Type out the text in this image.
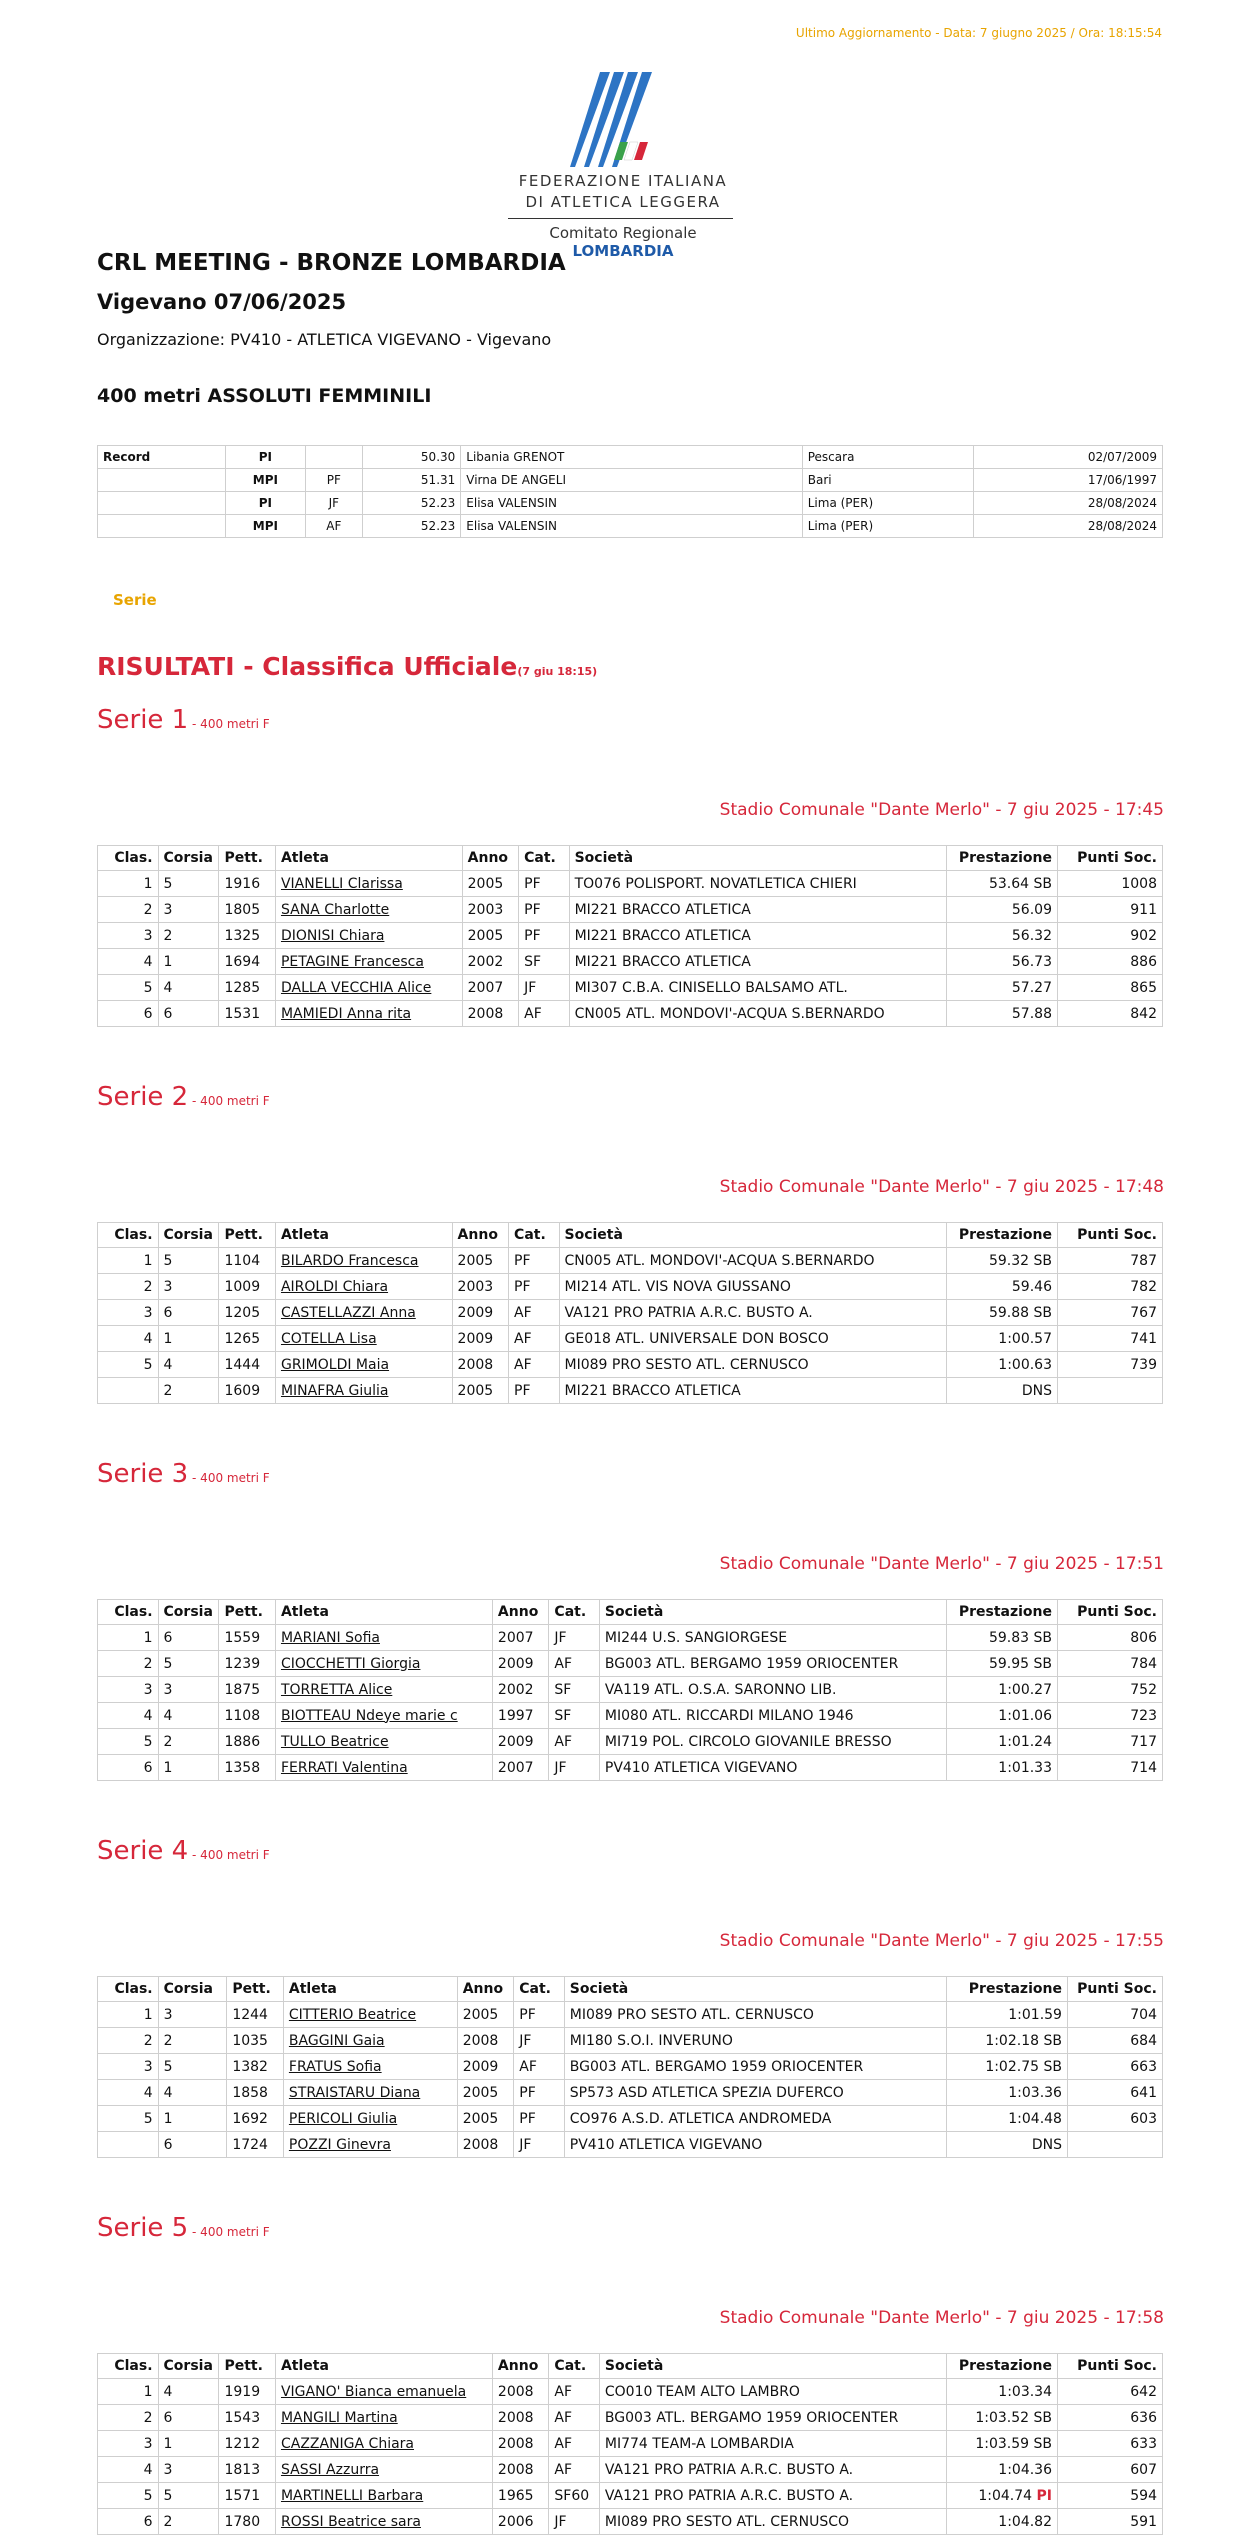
Ultimo Aggiornamento - Data: 7 giugno 2025 / Ora: 18:15:54
FEDERAZIONE ITALIANA
DI ATLETICA LEGGERA
Comitato Regionale LOMBARDIA
CRL MEETING - BRONZE LOMBARDIA
Vigevano 07/06/2025
Organizzazione: PV410 - ATLETICA VIGEVANO - Vigevano
400 metri ASSOLUTI FEMMINILI
Record	PI		50.30	Libania GRENOT	Pescara	02/07/2009
	MPI	PF	51.31	Virna DE ANGELI	Bari	17/06/1997
	PI	JF	52.23	Elisa VALENSIN	Lima (PER)	28/08/2024
	MPI	AF	52.23	Elisa VALENSIN	Lima (PER)	28/08/2024
Serie
RISULTATI - Classifica Ufficiale(7 giu 18:15)
Serie 1 - 400 metri F
Stadio Comunale "Dante Merlo" - 7 giu 2025 - 17:45
Clas.	Corsia	Pett.	Atleta	Anno	Cat.	Società	Prestazione	Punti Soc.
1	5	1916	VIANELLI Clarissa	2005	PF	TO076 POLISPORT. NOVATLETICA CHIERI	53.64 SB	1008
2	3	1805	SANA Charlotte	2003	PF	MI221 BRACCO ATLETICA	56.09	911
3	2	1325	DIONISI Chiara	2005	PF	MI221 BRACCO ATLETICA	56.32	902
4	1	1694	PETAGINE Francesca	2002	SF	MI221 BRACCO ATLETICA	56.73	886
5	4	1285	DALLA VECCHIA Alice	2007	JF	MI307 C.B.A. CINISELLO BALSAMO ATL.	57.27	865
6	6	1531	MAMIEDI Anna rita	2008	AF	CN005 ATL. MONDOVI'-ACQUA S.BERNARDO	57.88	842
Serie 2 - 400 metri F
Stadio Comunale "Dante Merlo" - 7 giu 2025 - 17:48
Clas.	Corsia	Pett.	Atleta	Anno	Cat.	Società	Prestazione	Punti Soc.
1	5	1104	BILARDO Francesca	2005	PF	CN005 ATL. MONDOVI'-ACQUA S.BERNARDO	59.32 SB	787
2	3	1009	AIROLDI Chiara	2003	PF	MI214 ATL. VIS NOVA GIUSSANO	59.46	782
3	6	1205	CASTELLAZZI Anna	2009	AF	VA121 PRO PATRIA A.R.C. BUSTO A.	59.88 SB	767
4	1	1265	COTELLA Lisa	2009	AF	GE018 ATL. UNIVERSALE DON BOSCO	1:00.57	741
5	4	1444	GRIMOLDI Maia	2008	AF	MI089 PRO SESTO ATL. CERNUSCO	1:00.63	739
	2	1609	MINAFRA Giulia	2005	PF	MI221 BRACCO ATLETICA	DNS	
Serie 3 - 400 metri F
Stadio Comunale "Dante Merlo" - 7 giu 2025 - 17:51
Clas.	Corsia	Pett.	Atleta	Anno	Cat.	Società	Prestazione	Punti Soc.
1	6	1559	MARIANI Sofia	2007	JF	MI244 U.S. SANGIORGESE	59.83 SB	806
2	5	1239	CIOCCHETTI Giorgia	2009	AF	BG003 ATL. BERGAMO 1959 ORIOCENTER	59.95 SB	784
3	3	1875	TORRETTA Alice	2002	SF	VA119 ATL. O.S.A. SARONNO LIB.	1:00.27	752
4	4	1108	BIOTTEAU Ndeye marie c	1997	SF	MI080 ATL. RICCARDI MILANO 1946	1:01.06	723
5	2	1886	TULLO Beatrice	2009	AF	MI719 POL. CIRCOLO GIOVANILE BRESSO	1:01.24	717
6	1	1358	FERRATI Valentina	2007	JF	PV410 ATLETICA VIGEVANO	1:01.33	714
Serie 4 - 400 metri F
Stadio Comunale "Dante Merlo" - 7 giu 2025 - 17:55
Clas.	Corsia	Pett.	Atleta	Anno	Cat.	Società	Prestazione	Punti Soc.
1	3	1244	CITTERIO Beatrice	2005	PF	MI089 PRO SESTO ATL. CERNUSCO	1:01.59	704
2	2	1035	BAGGINI Gaia	2008	JF	MI180 S.O.I. INVERUNO	1:02.18 SB	684
3	5	1382	FRATUS Sofia	2009	AF	BG003 ATL. BERGAMO 1959 ORIOCENTER	1:02.75 SB	663
4	4	1858	STRAISTARU Diana	2005	PF	SP573 ASD ATLETICA SPEZIA DUFERCO	1:03.36	641
5	1	1692	PERICOLI Giulia	2005	PF	CO976 A.S.D. ATLETICA ANDROMEDA	1:04.48	603
	6	1724	POZZI Ginevra	2008	JF	PV410 ATLETICA VIGEVANO	DNS	
Serie 5 - 400 metri F
Stadio Comunale "Dante Merlo" - 7 giu 2025 - 17:58
Clas.	Corsia	Pett.	Atleta	Anno	Cat.	Società	Prestazione	Punti Soc.
1	4	1919	VIGANO' Bianca emanuela	2008	AF	CO010 TEAM ALTO LAMBRO	1:03.34	642
2	6	1543	MANGILI Martina	2008	AF	BG003 ATL. BERGAMO 1959 ORIOCENTER	1:03.52 SB	636
3	1	1212	CAZZANIGA Chiara	2008	AF	MI774 TEAM-A LOMBARDIA	1:03.59 SB	633
4	3	1813	SASSI Azzurra	2008	AF	VA121 PRO PATRIA A.R.C. BUSTO A.	1:04.36	607
5	5	1571	MARTINELLI Barbara	1965	SF60	VA121 PRO PATRIA A.R.C. BUSTO A.	1:04.74 PI	594
6	2	1780	ROSSI Beatrice sara	2006	JF	MI089 PRO SESTO ATL. CERNUSCO	1:04.82	591
